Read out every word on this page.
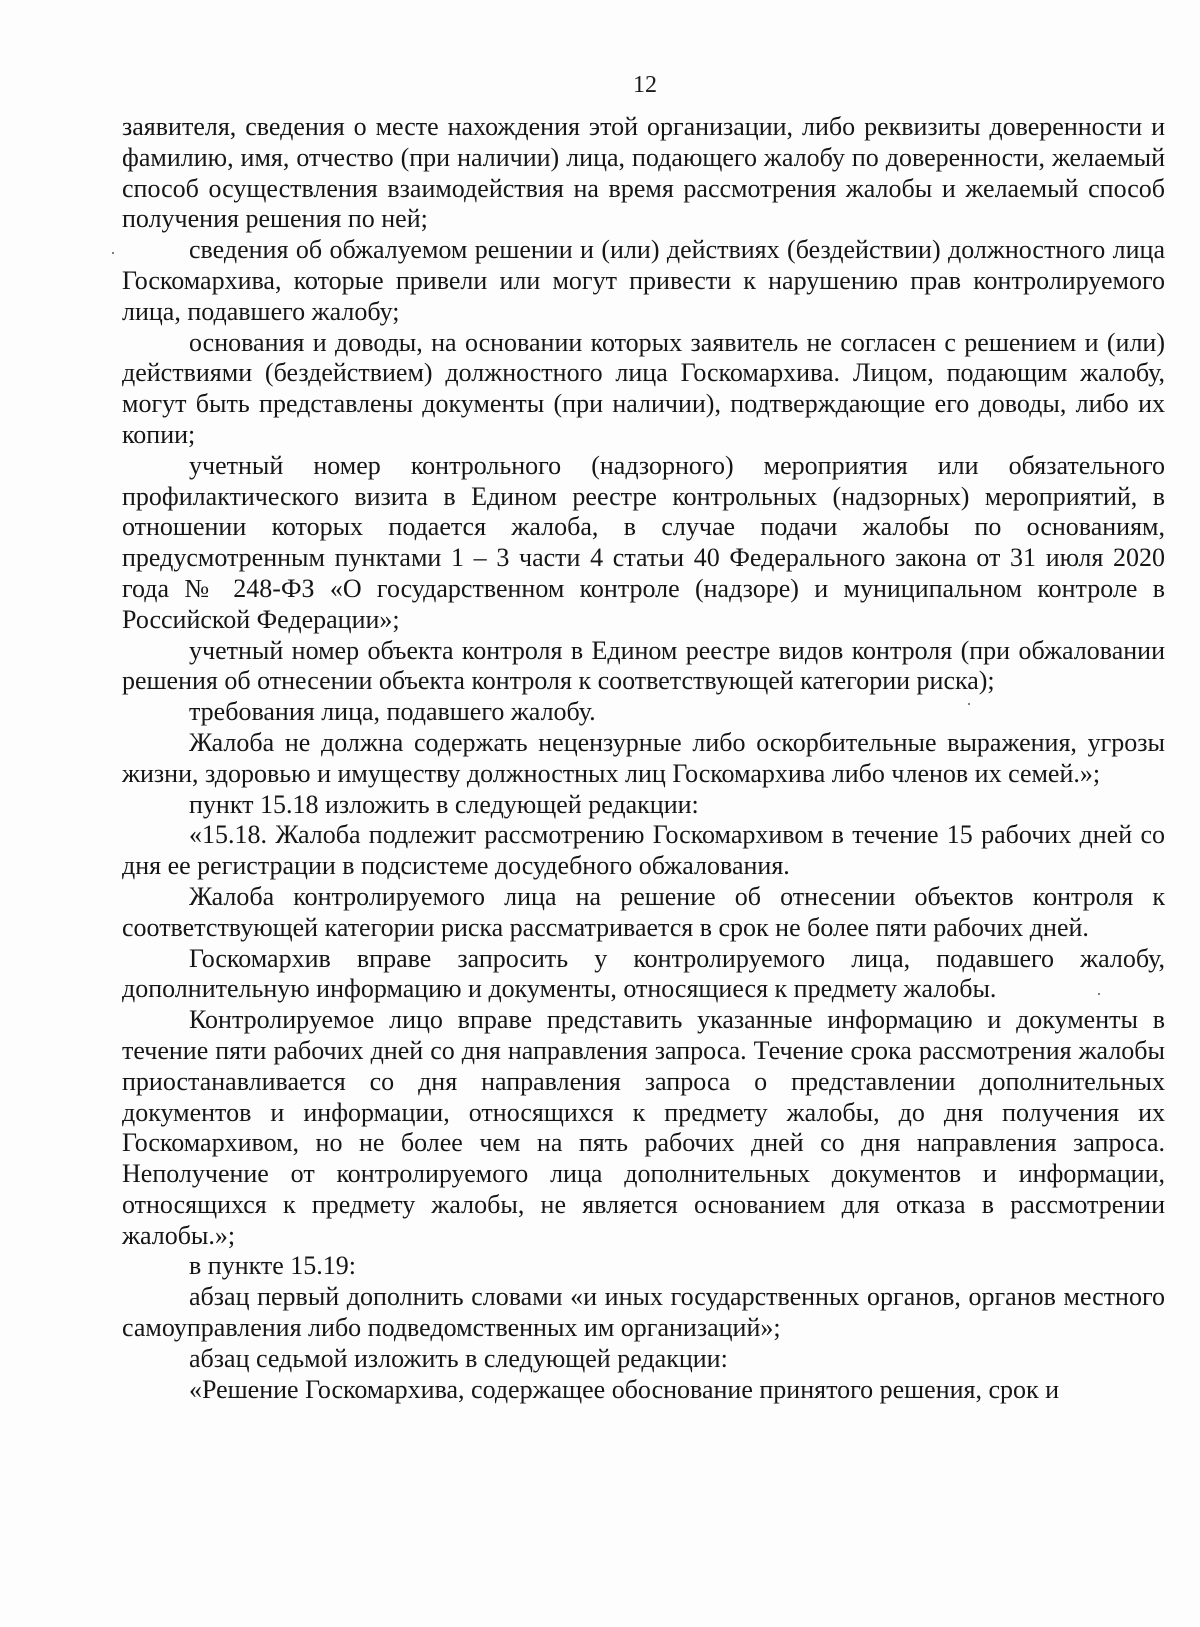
12

заявителя, сведения о месте нахождения этой организации, либо реквизиты доверенности и фамилию, имя, отчество (при наличии) лица, подающего жалобу по доверенности, желаемый способ осуществления взаимодействия на время рассмотрения жалобы и желаемый способ получения решения по ней;

сведения об обжалуемом решении и (или) действиях (бездействии) должностного лица Госкомархива, которые привели или могут привести к нарушению прав контролируемого лица, подавшего жалобу;

основания и доводы, на основании которых заявитель не согласен с решением и (или) действиями (бездействием) должностного лица Госкомархива. Лицом, подающим жалобу, могут быть представлены документы (при наличии), подтверждающие его доводы, либо их копии;

учетный номер контрольного (надзорного) мероприятия или обязательного профилактического визита в Едином реестре контрольных (надзорных) мероприятий, в отношении которых подается жалоба, в случае подачи жалобы по основаниям, предусмотренным пунктами 1 – 3 части 4 статьи 40 Федерального закона от 31 июля 2020 года № 248-ФЗ «О государственном контроле (надзоре) и муниципальном контроле в Российской Федерации»;

учетный номер объекта контроля в Едином реестре видов контроля (при обжаловании решения об отнесении объекта контроля к соответствующей категории риска);

требования лица, подавшего жалобу.

Жалоба не должна содержать нецензурные либо оскорбительные выражения, угрозы жизни, здоровью и имуществу должностных лиц Госкомархива либо членов их семей.»;

пункт 15.18 изложить в следующей редакции:

«15.18. Жалоба подлежит рассмотрению Госкомархивом в течение 15 рабочих дней со дня ее регистрации в подсистеме досудебного обжалования.

Жалоба контролируемого лица на решение об отнесении объектов контроля к соответствующей категории риска рассматривается в срок не более пяти рабочих дней.

Госкомархив вправе запросить у контролируемого лица, подавшего жалобу, дополнительную информацию и документы, относящиеся к предмету жалобы.

Контролируемое лицо вправе представить указанные информацию и документы в течение пяти рабочих дней со дня направления запроса. Течение срока рассмотрения жалобы приостанавливается со дня направления запроса о представлении дополнительных документов и информации, относящихся к предмету жалобы, до дня получения их Госкомархивом, но не более чем на пять рабочих дней со дня направления запроса. Неполучение от контролируемого лица дополнительных документов и информации, относящихся к предмету жалобы, не является основанием для отказа в рассмотрении жалобы.»;

в пункте 15.19:

абзац первый дополнить словами «и иных государственных органов, органов местного самоуправления либо подведомственных им организаций»;

абзац седьмой изложить в следующей редакции:

«Решение Госкомархива, содержащее обоснование принятого решения, срок и
